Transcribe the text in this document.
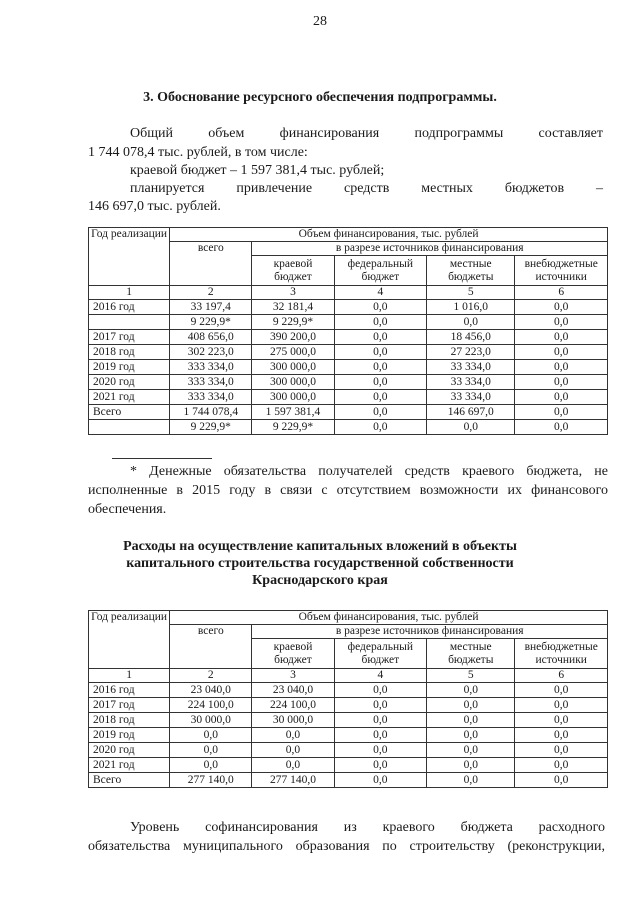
28
3. Обоснование ресурсного обеспечения подпрограммы.
Общий объем финансирования подпрограммы составляет
1 744 078,4 тыс. рублей, в том числе:
краевой бюджет – 1 597 381,4 тыс. рублей;
планируется привлечение средств местных бюджетов –
146 697,0 тыс. рублей.
Год реализации	Объем финансирования, тыс. рублей				
	всего	в разрезе источников финансирования			
		краевой бюджет	федеральный бюджет	местные бюджеты	внебюджетные источники
1	2	3	4	5	6
2016 год	33 197,4	32 181,4	0,0	1 016,0	0,0
	9 229,9*	9 229,9*	0,0	0,0	0,0
2017 год	408 656,0	390 200,0	0,0	18 456,0	0,0
2018 год	302 223,0	275 000,0	0,0	27 223,0	0,0
2019 год	333 334,0	300 000,0	0,0	33 334,0	0,0
2020 год	333 334,0	300 000,0	0,0	33 334,0	0,0
2021 год	333 334,0	300 000,0	0,0	33 334,0	0,0
Всего	1 744 078,4	1 597 381,4	0,0	146 697,0	0,0
	9 229,9*	9 229,9*	0,0	0,0	0,0
* Денежные обязательства получателей средств краевого бюджета, не
исполненные в 2015 году в связи с отсутствием возможности их финансового
обеспечения.
Расходы на осуществление капитальных вложений в объекты
капитального строительства государственной собственности
Краснодарского края
Год реализации	Объем финансирования, тыс. рублей				
	всего	в разрезе источников финансирования			
		краевой бюджет	федеральный бюджет	местные бюджеты	внебюджетные источники
1	2	3	4	5	6
2016 год	23 040,0	23 040,0	0,0	0,0	0,0
2017 год	224 100,0	224 100,0	0,0	0,0	0,0
2018 год	30 000,0	30 000,0	0,0	0,0	0,0
2019 год	0,0	0,0	0,0	0,0	0,0
2020 год	0,0	0,0	0,0	0,0	0,0
2021 год	0,0	0,0	0,0	0,0	0,0
Всего	277 140,0	277 140,0	0,0	0,0	0,0
Уровень софинансирования из краевого бюджета расходного
обязательства муниципального образования по строительству (реконструкции,
